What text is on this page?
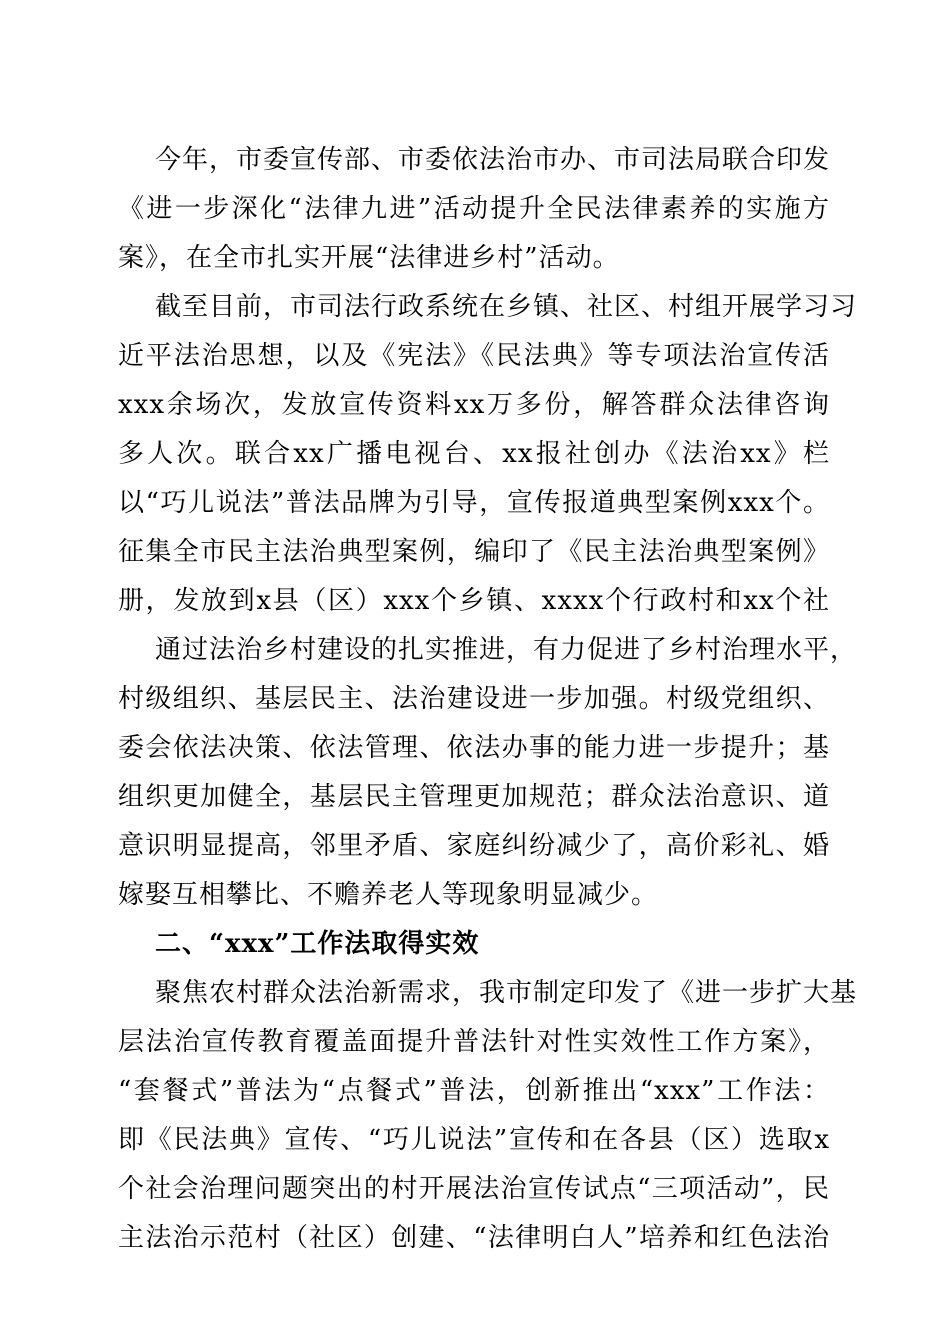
今年，市委宣传部、市委依法治市办、市司法局联合印发
《进一步深化“法律九进”活动提升全民法律素养的实施方
案》，在全市扎实开展“法律进乡村”活动。
截至目前，市司法行政系统在乡镇、社区、村组开展学习习
近平法治思想，以及《宪法》《民法典》等专项法治宣传活
xxx余场次，发放宣传资料xx万多份，解答群众法律咨询
多人次。联合xx广播电视台、xx报社创办《法治xx》栏
以“巧儿说法”普法品牌为引导，宣传报道典型案例xxx个。
征集全市民主法治典型案例，编印了《民主法治典型案例》
册，发放到x县（区）xxx个乡镇、xxxx个行政村和xx个社
通过法治乡村建设的扎实推进，有力促进了乡村治理水平，
村级组织、基层民主、法治建设进一步加强。村级党组织、
委会依法决策、依法管理、依法办事的能力进一步提升；基
组织更加健全，基层民主管理更加规范；群众法治意识、道
意识明显提高，邻里矛盾、家庭纠纷减少了，高价彩礼、婚
嫁娶互相攀比、不赡养老人等现象明显减少。
二、“xxx”工作法取得实效
聚焦农村群众法治新需求，我市制定印发了《进一步扩大基
层法治宣传教育覆盖面提升普法针对性实效性工作方案》，
“套餐式”普法为“点餐式”普法，创新推出“xxx”工作法：
即《民法典》宣传、“巧儿说法”宣传和在各县（区）选取x
个社会治理问题突出的村开展法治宣传试点“三项活动”，民
主法治示范村（社区）创建、“法律明白人”培养和红色法治
